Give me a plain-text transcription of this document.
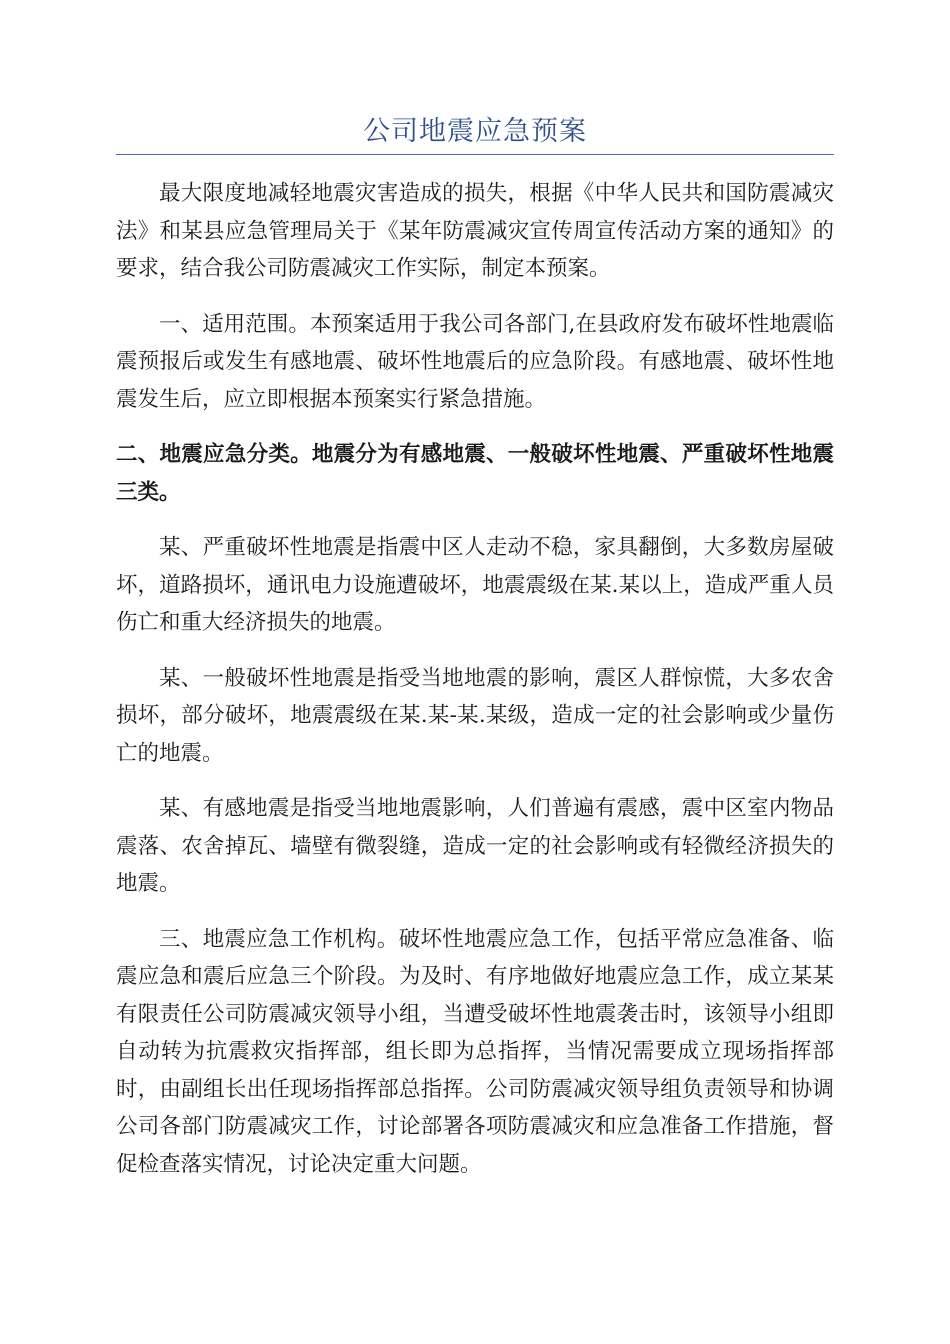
公司地震应急预案

最大限度地减轻地震灾害造成的损失，根据《中华人民共和国防震减灾法》和某县应急管理局关于《某年防震减灾宣传周宣传活动方案的通知》的要求，结合我公司防震减灾工作实际，制定本预案。

一、适用范围。本预案适用于我公司各部门,在县政府发布破坏性地震临震预报后或发生有感地震、破坏性地震后的应急阶段。有感地震、破坏性地震发生后，应立即根据本预案实行紧急措施。

二、地震应急分类。地震分为有感地震、一般破坏性地震、严重破坏性地震三类。

某、严重破坏性地震是指震中区人走动不稳，家具翻倒，大多数房屋破坏，道路损坏，通讯电力设施遭破坏，地震震级在某.某以上，造成严重人员伤亡和重大经济损失的地震。

某、一般破坏性地震是指受当地地震的影响，震区人群惊慌，大多农舍损坏，部分破坏，地震震级在某.某-某.某级，造成一定的社会影响或少量伤亡的地震。

某、有感地震是指受当地地震影响，人们普遍有震感，震中区室内物品震落、农舍掉瓦、墙壁有微裂缝，造成一定的社会影响或有轻微经济损失的地震。

三、地震应急工作机构。破坏性地震应急工作，包括平常应急准备、临震应急和震后应急三个阶段。为及时、有序地做好地震应急工作，成立某某有限责任公司防震减灾领导小组，当遭受破坏性地震袭击时，该领导小组即自动转为抗震救灾指挥部，组长即为总指挥，当情况需要成立现场指挥部时，由副组长出任现场指挥部总指挥。公司防震减灾领导组负责领导和协调公司各部门防震减灾工作，讨论部署各项防震减灾和应急准备工作措施，督促检查落实情况，讨论决定重大问题。
